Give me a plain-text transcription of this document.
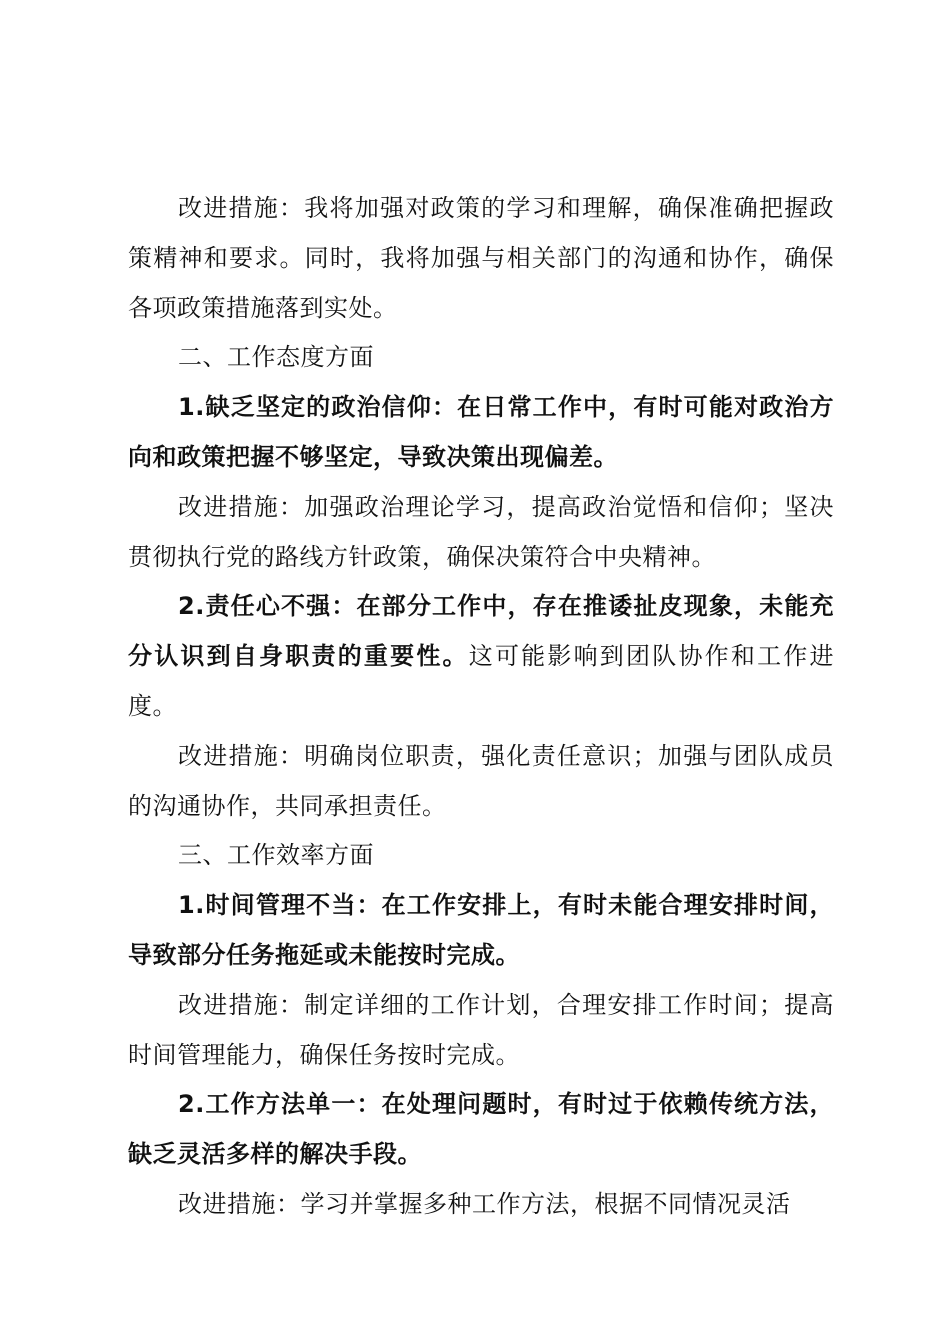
改进措施：我将加强对政策的学习和理解，确保准确把握政策精神和要求。同时，我将加强与相关部门的沟通和协作，确保各项政策措施落到实处。

二、工作态度方面

1.缺乏坚定的政治信仰：在日常工作中，有时可能对政治方向和政策把握不够坚定，导致决策出现偏差。

改进措施：加强政治理论学习，提高政治觉悟和信仰；坚决贯彻执行党的路线方针政策，确保决策符合中央精神。

2.责任心不强：在部分工作中，存在推诿扯皮现象，未能充分认识到自身职责的重要性。这可能影响到团队协作和工作进度。

改进措施：明确岗位职责，强化责任意识；加强与团队成员的沟通协作，共同承担责任。

三、工作效率方面

1.时间管理不当：在工作安排上，有时未能合理安排时间，导致部分任务拖延或未能按时完成。

改进措施：制定详细的工作计划，合理安排工作时间；提高时间管理能力，确保任务按时完成。

2.工作方法单一：在处理问题时，有时过于依赖传统方法，缺乏灵活多样的解决手段。

改进措施：学习并掌握多种工作方法，根据不同情况灵活
